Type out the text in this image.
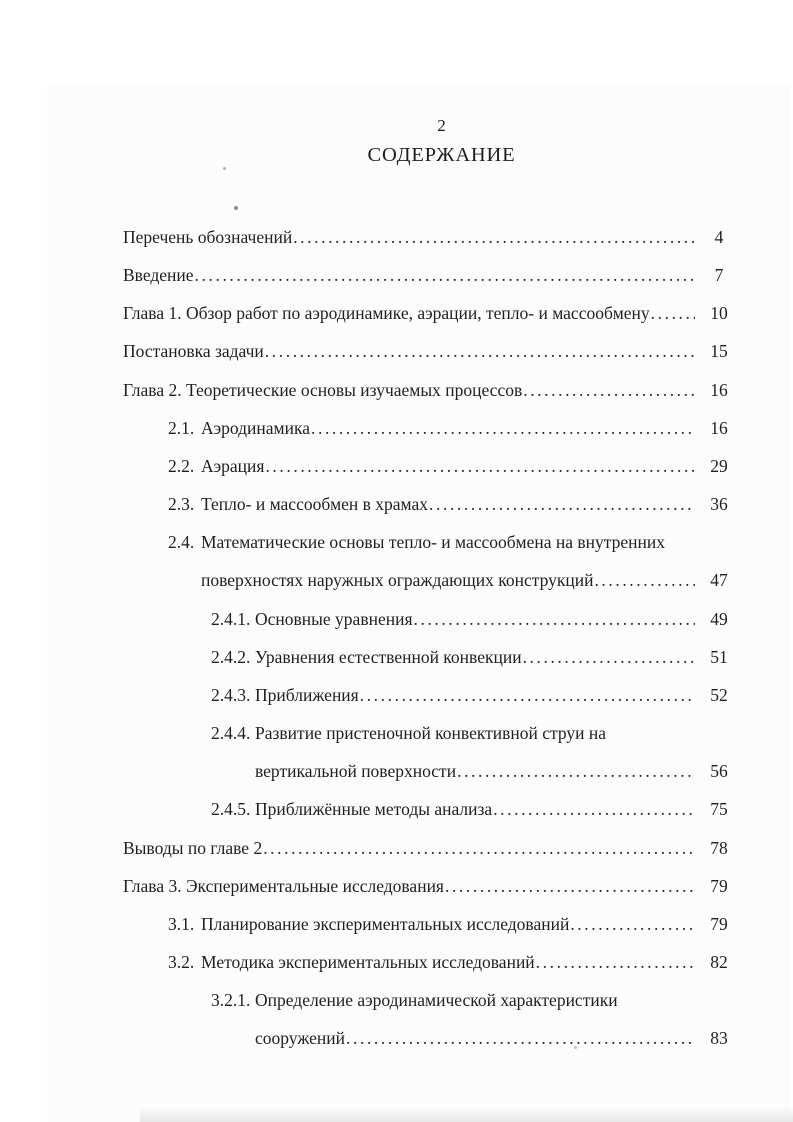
2
СОДЕРЖАНИЕ
Перечень обозначений .....	4
Введение .....	7
Глава 1. Обзор работ по аэродинамике, аэрации, тепло- и массообмену .....	10
Постановка задачи .....	15
Глава 2. Теоретические основы изучаемых процессов .....	16
2.1. Аэродинамика .....	16
2.2. Аэрация .....	29
2.3. Тепло- и массообмен в храмах .....	36
2.4. Математические основы тепло- и массообмена на внутренних
поверхностях наружных ограждающих конструкций .....	47
2.4.1. Основные уравнения .....	49
2.4.2. Уравнения естественной конвекции .....	51
2.4.3. Приближения .....	52
2.4.4. Развитие пристеночной конвективной струи на
вертикальной поверхности .....	56
2.4.5. Приближённые методы анализа .....	75
Выводы по главе 2 .....	78
Глава 3. Экспериментальные исследования .....	79
3.1. Планирование экспериментальных исследований .....	79
3.2. Методика экспериментальных исследований .....	82
3.2.1. Определение аэродинамической характеристики
сооружений .....	83
